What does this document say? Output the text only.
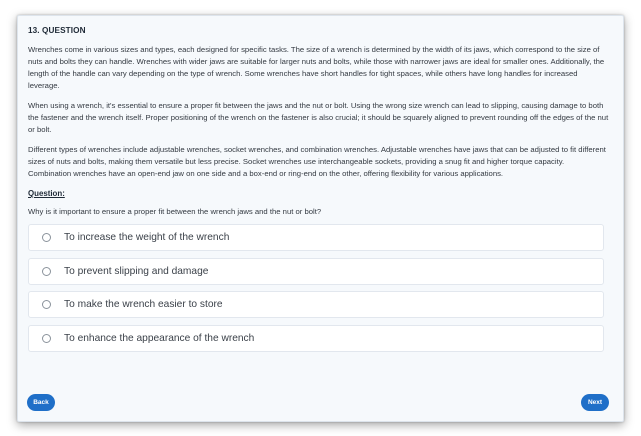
13. QUESTION

Wrenches come in various sizes and types, each designed for specific tasks. The size of a wrench is determined by the width of its jaws, which correspond to the size of nuts and bolts they can handle. Wrenches with wider jaws are suitable for larger nuts and bolts, while those with narrower jaws are ideal for smaller ones. Additionally, the length of the handle can vary depending on the type of wrench. Some wrenches have short handles for tight spaces, while others have long handles for increased leverage.

When using a wrench, it's essential to ensure a proper fit between the jaws and the nut or bolt. Using the wrong size wrench can lead to slipping, causing damage to both the fastener and the wrench itself. Proper positioning of the wrench on the fastener is also crucial; it should be squarely aligned to prevent rounding off the edges of the nut or bolt.

Different types of wrenches include adjustable wrenches, socket wrenches, and combination wrenches. Adjustable wrenches have jaws that can be adjusted to fit different sizes of nuts and bolts, making them versatile but less precise. Socket wrenches use interchangeable sockets, providing a snug fit and higher torque capacity. Combination wrenches have an open-end jaw on one side and a box-end or ring-end on the other, offering flexibility for various applications.

Question:
Why is it important to ensure a proper fit between the wrench jaws and the nut or bolt?
To increase the weight of the wrench
To prevent slipping and damage
To make the wrench easier to store
To enhance the appearance of the wrench
Back	Next
